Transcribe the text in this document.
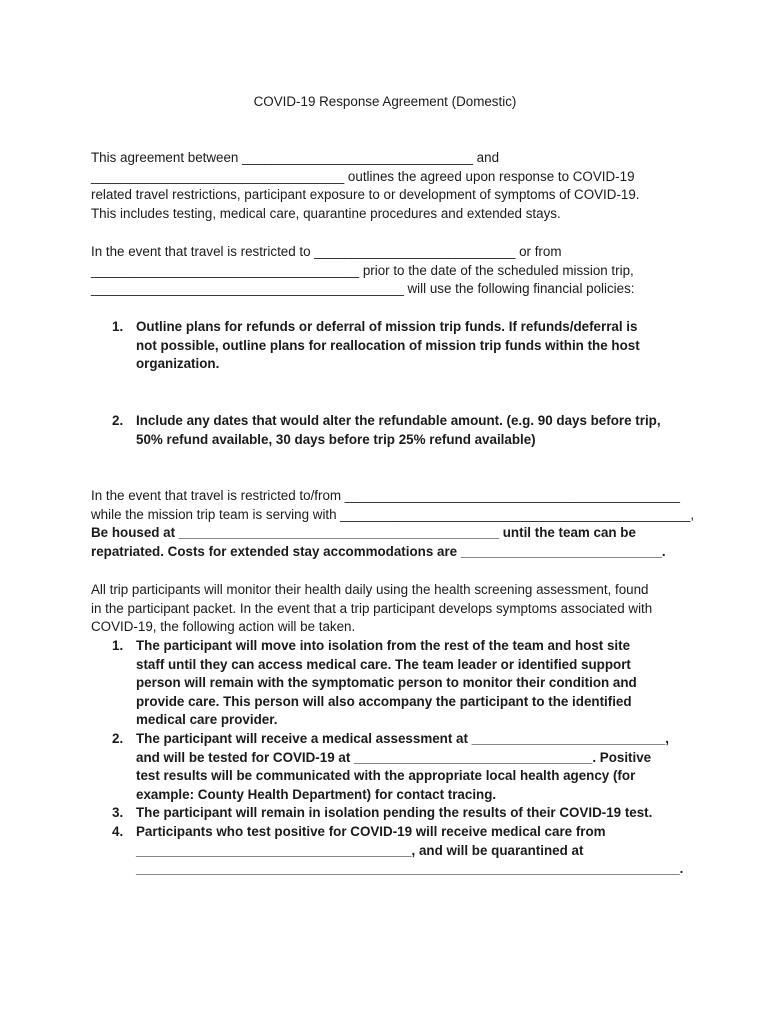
COVID-19 Response Agreement (Domestic)
This agreement between _______________________________ and
__________________________________ outlines the agreed upon response to COVID-19
related travel restrictions, participant exposure to or development of symptoms of COVID-19.
This includes testing, medical care, quarantine procedures and extended stays.
In the event that travel is restricted to ___________________________ or from
____________________________________ prior to the date of the scheduled mission trip,
__________________________________________ will use the following financial policies:
1. Outline plans for refunds or deferral of mission trip funds. If refunds/deferral is
not possible, outline plans for reallocation of mission trip funds within the host
organization.
2. Include any dates that would alter the refundable amount. (e.g. 90 days before trip,
50% refund available, 30 days before trip 25% refund available)
In the event that travel is restricted to/from _____________________________________________
while the mission trip team is serving with _______________________________________________,
Be housed at ___________________________________________ until the team can be
repatriated. Costs for extended stay accommodations are ___________________________.
All trip participants will monitor their health daily using the health screening assessment, found
in the participant packet. In the event that a trip participant develops symptoms associated with
COVID-19, the following action will be taken.
1. The participant will move into isolation from the rest of the team and host site
staff until they can access medical care. The team leader or identified support
person will remain with the symptomatic person to monitor their condition and
provide care. This person will also accompany the participant to the identified
medical care provider.
2. The participant will receive a medical assessment at __________________________,
and will be tested for COVID-19 at ________________________________. Positive
test results will be communicated with the appropriate local health agency (for
example: County Health Department) for contact tracing.
3. The participant will remain in isolation pending the results of their COVID-19 test.
4. Participants who test positive for COVID-19 will receive medical care from
_____________________________________, and will be quarantined at
_________________________________________________________________________.
